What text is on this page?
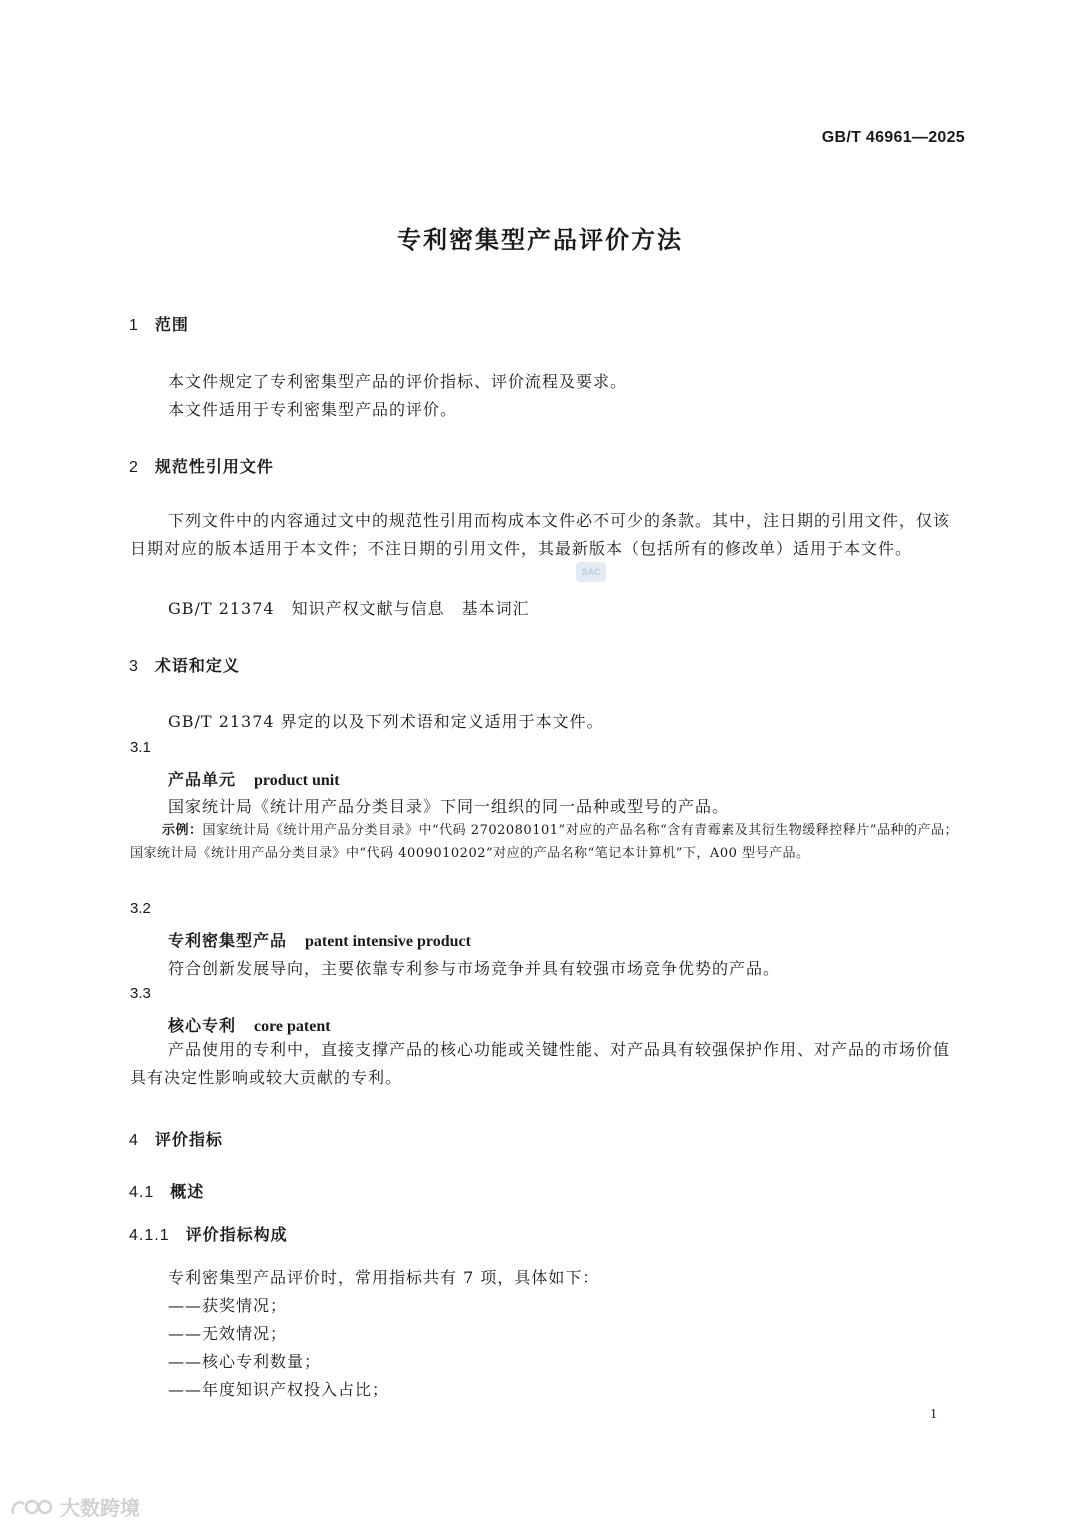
GB/T 46961—2025
专利密集型产品评价方法
1 范围
本文件规定了专利密集型产品的评价指标、评价流程及要求。
本文件适用于专利密集型产品的评价。
2 规范性引用文件
下列文件中的内容通过文中的规范性引用而构成本文件必不可少的条款。其中，注日期的引用文件，仅该日期对应的版本适用于本文件；不注日期的引用文件，其最新版本（包括所有的修改单）适用于本文件。
SAC
GB/T 21374　知识产权文献与信息　基本词汇
3 术语和定义
GB/T 21374 界定的以及下列术语和定义适用于本文件。
3.1
产品单元 product unit
国家统计局《统计用产品分类目录》下同一组织的同一品种或型号的产品。
示例：国家统计局《统计用产品分类目录》中“代码 2702080101”对应的产品名称“含有青霉素及其衍生物缓释控释片”品种的产品；国家统计局《统计用产品分类目录》中“代码 4009010202”对应的产品名称“笔记本计算机”下，A00 型号产品。
3.2
专利密集型产品 patent intensive product
符合创新发展导向，主要依靠专利参与市场竞争并具有较强市场竞争优势的产品。
3.3
核心专利 core patent
产品使用的专利中，直接支撑产品的核心功能或关键性能、对产品具有较强保护作用、对产品的市场价值具有决定性影响或较大贡献的专利。
4 评价指标
4.1 概述
4.1.1 评价指标构成
专利密集型产品评价时，常用指标共有 7 项，具体如下：
——获奖情况；
——无效情况；
——核心专利数量；
——年度知识产权投入占比；
1
大数跨境
